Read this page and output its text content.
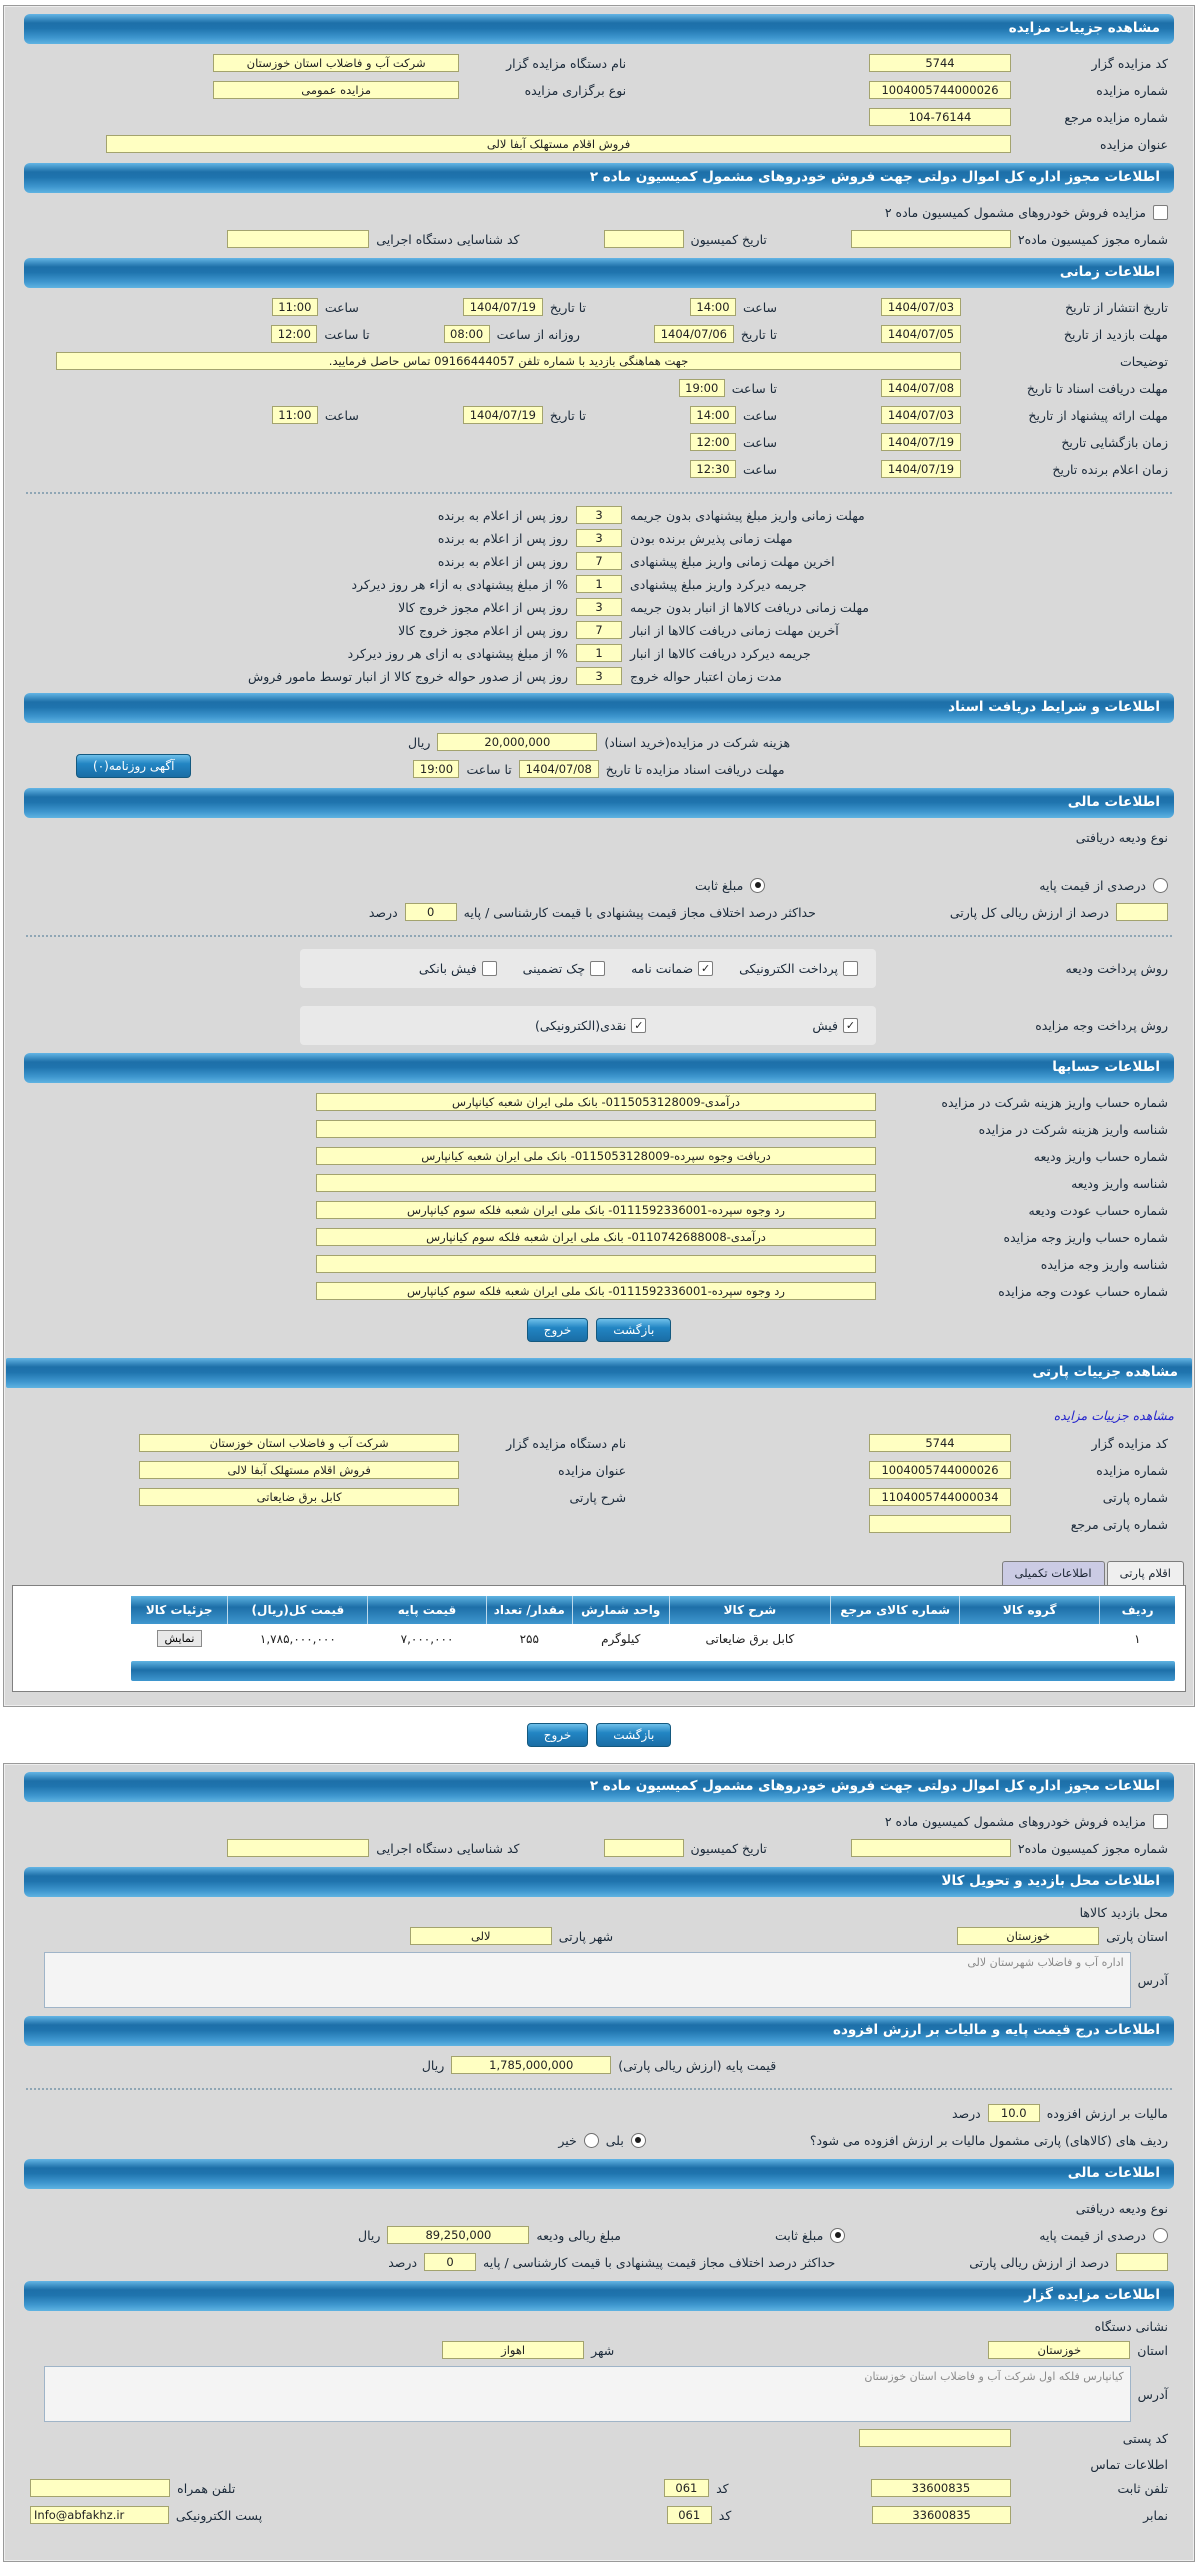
مشاهده جزییات مزایده
کد مزایده گزار
5744
نام دستگاه مزایده گزار
شرکت آب و فاضلاب استان خوزستان
شماره مزایده
1004005744000026
نوع برگزاری مزایده
مزایده عمومی
شماره مزایده مرجع
104-76144
عنوان مزایده
فروش اقلام مستهلک آبفا لالی
اطلاعات مجوز اداره کل اموال دولتی جهت فروش خودروهای مشمول کمیسیون ماده ۲
مزایده فروش خودروهای مشمول کمیسیون ماده ۲
شماره مجوز کمیسیون ماده۲
تاریخ کمیسیون
کد شناسایی دستگاه اجرایی
اطلاعات زمانی
تاریخ انتشار از تاریخ
1404/07/03
ساعت
14:00
تا تاریخ
1404/07/19
ساعت
11:00
مهلت بازدید از تاریخ
1404/07/05
تا تاریخ
1404/07/06
روزانه از ساعت
08:00
تا ساعت
12:00
توضیحات
جهت هماهنگی بازدید با شماره تلفن 09166444057 تماس حاصل فرمایید.
مهلت دریافت اسناد تا تاریخ
1404/07/08
تا ساعت
19:00
مهلت ارائه پیشنهاد از تاریخ
1404/07/03
ساعت
14:00
تا تاریخ
1404/07/19
ساعت
11:00
زمان بازگشایی تاریخ
1404/07/19
ساعت
12:00
زمان اعلام برنده تاریخ
1404/07/19
ساعت
12:30
مهلت زمانی واریز مبلغ پیشنهادی بدون جریمه
3
روز پس از اعلام به برنده
مهلت زمانی پذیرش برنده بودن
3
روز پس از اعلام به برنده
اخرین مهلت زمانی واریز مبلغ پیشنهادی
7
روز پس از اعلام به برنده
جریمه دیرکرد واریز مبلغ پیشنهادی
1
% از مبلغ پیشنهادی به ازاء هر روز دیرکرد
مهلت زمانی دریافت کالاها از انبار بدون جریمه
3
روز پس از اعلام مجوز خروج کالا
آخرین مهلت زمانی دریافت کالاها از انبار
7
روز پس از اعلام مجوز خروج کالا
جریمه دیرکرد دریافت کالاها از انبار
1
% از مبلغ پیشنهادی به ازای هر روز دیرکرد
مدت زمان اعتبار حواله خروج
3
روز پس از صدور حواله خروج کالا از انبار توسط مامور فروش
اطلاعات و شرایط دریافت اسناد
هزینه شرکت در مزایده(خرید اسناد)
20,000,000
ریال
مهلت دریافت اسناد مزایده تا تاریخ
1404/07/08
تا ساعت
19:00
آگهی روزنامه(۰)
اطلاعات مالی
نوع ودیعه دریافتی
درصدی از قیمت پایه
مبلغ ثابت
درصد از ارزش ریالی کل پارتی
حداکثر درصد اختلاف مجاز قیمت پیشنهادی با قیمت کارشناسی / پایه
0
درصد
روش پرداخت ودیعه
پرداخت الکترونیکی
✓
ضمانت نامه
چک تضمینی
فیش بانکی
روش پرداخت وجه مزایده
✓
فیش
✓
نقدی(الکترونیکی)
اطلاعات حسابها
شماره حساب واریز هزینه شرکت در مزایده
درآمدی-0115053128009- بانک ملی ایران شعبه کیانپارس
شناسه واریز هزینه شرکت در مزایده
شماره حساب واریز ودیعه
دریافت وجوه سپرده-0115053128009- بانک ملی ایران شعبه کیانپارس
شناسه واریز ودیعه
شماره حساب عودت ودیعه
رد وجوه سپرده-0111592336001- بانک ملی ایران شعبه فلکه سوم کیانپارس
شماره حساب واریز وجه مزایده
درآمدی-0110742688008- بانک ملی ایران شعبه فلکه سوم کیانپارس
شناسه واریز وجه مزایده
شماره حساب عودت وجه مزایده
رد وجوه سپرده-0111592336001- بانک ملی ایران شعبه فلکه سوم کیانپارس
بازگشت
خروج
مشاهده جزییات پارتی
مشاهده جزییات مزایده
کد مزایده گزار
5744
نام دستگاه مزایده گزار
شرکت آب و فاضلاب استان خوزستان
شماره مزایده
1004005744000026
عنوان مزایده
فروش اقلام مستهلک آبفا لالی
شماره پارتی
1104005744000034
شرح پارتی
کابل برق ضایعاتی
شماره پارتی مرجع
اقلام پارتی
اطلاعات تکمیلی
ردیف	گروه کالا	شماره کالای مرجع	شرح کالا	واحد شمارش	مقدار/ تعداد	قیمت پایه	قیمت کل(ریال)	جزئیات کالا
۱			کابل برق ضایعاتی	کیلوگرم	۲۵۵	۷,۰۰۰,۰۰۰	۱,۷۸۵,۰۰۰,۰۰۰	نمایش
بازگشت
خروج
اطلاعات مجوز اداره کل اموال دولتی جهت فروش خودروهای مشمول کمیسیون ماده ۲
مزایده فروش خودروهای مشمول کمیسیون ماده ۲
شماره مجوز کمیسیون ماده۲
تاریخ کمیسیون
کد شناسایی دستگاه اجرایی
اطلاعات محل بازدید و تحویل کالا
محل بازدید کالاها
استان پارتی
خوزستان
شهر پارتی
لالی
آدرس
اداره آب و فاضلاب شهرستان لالی
اطلاعات درج قیمت پایه و مالیات بر ارزش افزوده
قیمت پایه (ارزش ریالی پارتی)
1,785,000,000
ریال
مالیات بر ارزش افزوده
10.0
درصد
ردیف های (کالاهای) پارتی مشمول مالیات بر ارزش افزوده می شود؟
بلی
خیر
اطلاعات مالی
نوع ودیعه دریافتی
درصدی از قیمت پایه
مبلغ ثابت
مبلغ ریالی ودیعه
89,250,000
ریال
درصد از ارزش ریالی پارتی
حداکثر درصد اختلاف مجاز قیمت پیشنهادی با قیمت کارشناسی / پایه
0
درصد
اطلاعات مزایده گزار
نشانی دستگاه
استان
خوزستان
شهر
اهواز
آدرس
کیانپارس فلکه اول شرکت آب و فاضلاب استان خوزستان
کد پستی
اطلاعات تماس
تلفن ثابت
33600835
کد
061
تلفن همراه
نمابر
33600835
کد
061
پست الکترونیکی
Info@abfakhz.ir
